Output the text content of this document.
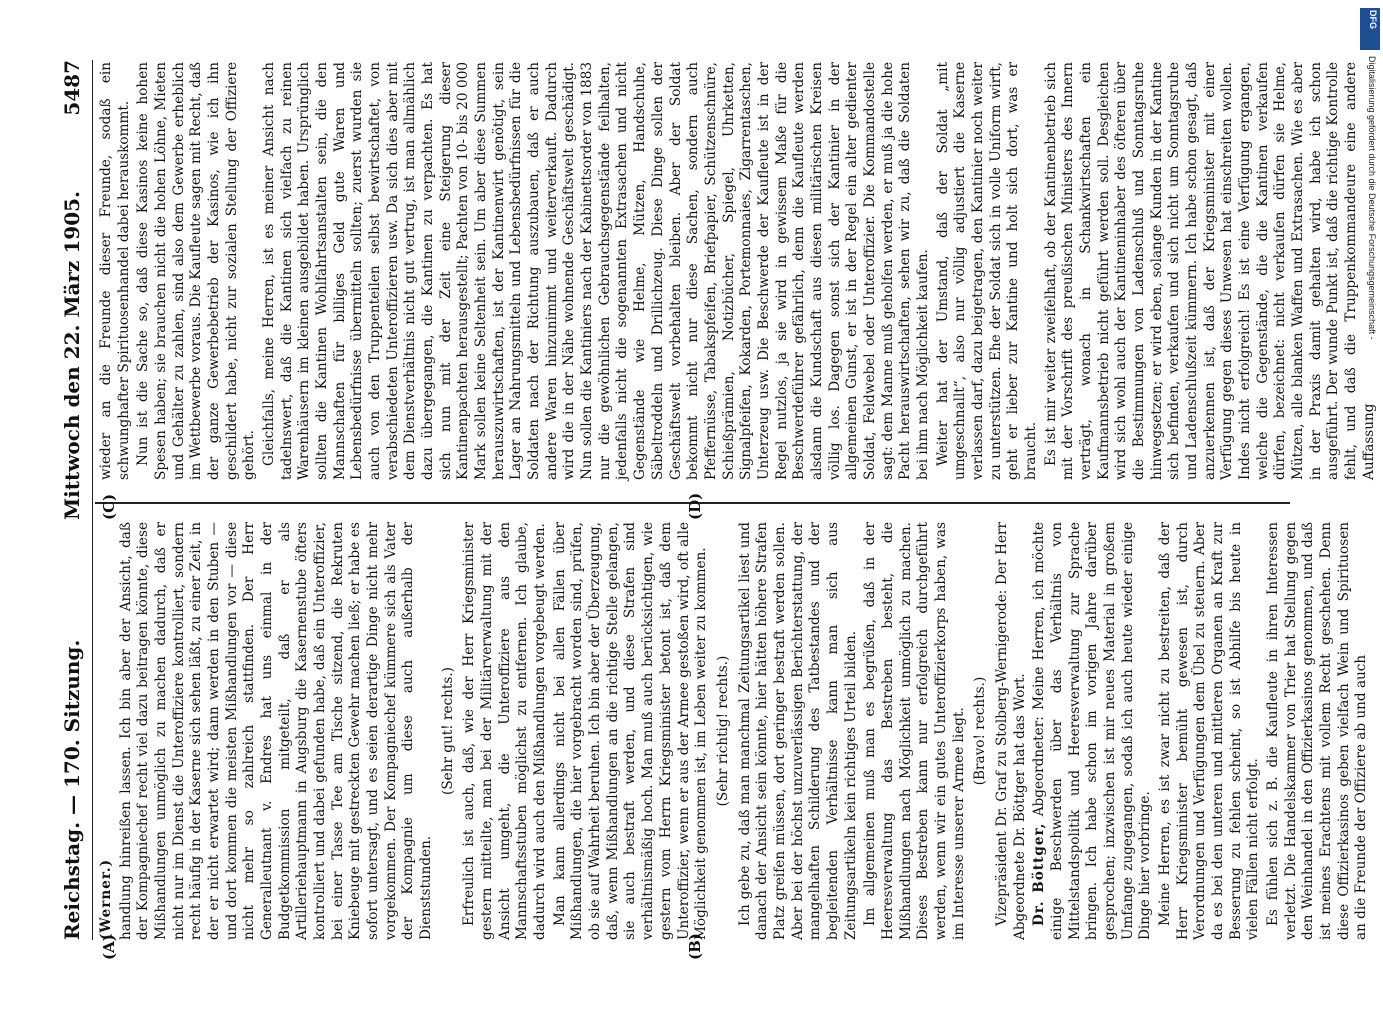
Reichstag. — 170. Sitzung.
Mittwoch den 22. März 1905.
5487
(A)	(B)
(C)	(D)

(Werner.) handlung hinreißen lassen. Ich bin aber der Ansicht, daß der Kompagniechef recht viel dazu beitragen könnte, diese Mißhandlungen unmöglich zu machen dadurch, daß er nicht nur im Dienst die Unteroffiziere kontrolliert, sondern recht häufig in der Kaserne sich sehen läßt, zu einer Zeit, in der er nicht erwartet wird; dann werden in den Stuben — und dort kommen die meisten Mißhandlungen vor — diese nicht mehr so zahlreich stattfinden. Der Herr Generalleutnant v. Endres hat uns einmal in der Budgetkommission mitgeteilt, daß er als Artilleriehauptmann in Augsburg die Kasernenstube öfters kontrolliert und dabei gefunden habe, daß ein Unteroffizier, bei einer Tasse Tee am Tische sitzend, die Rekruten Kniebeuge mit gestreckten Gewehr machen ließ; er habe es sofort untersagt, und es seien derartige Dinge nicht mehr vorgekommen. Der Kompagniechef kümmere sich als Vater der Kompagnie um diese auch außerhalb der Dienststunden.

(Sehr gut! rechts.) Erfreulich ist auch, daß, wie der Herr Kriegsminister gestern mitteilte, man bei der Militärverwaltung mit der Ansicht umgeht, die Unteroffiziere aus den Mannschaftsstuben möglichst zu entfernen. Ich glaube, dadurch wird auch den Mißhandlungen vorgebeugt werden. Man kann allerdings nicht bei allen Fällen über Mißhandlungen, die hier vorgebracht worden sind, prüfen, ob sie auf Wahrheit beruhen. Ich bin aber der Überzeugung, daß, wenn Mißhandlungen an die richtige Stelle gelangen, sie auch bestraft werden, und diese Strafen sind verhältnismäßig hoch. Man muß auch berücksichtigen, wie gestern vom Herrn Kriegsminister betont ist, daß dem Unteroffizier, wenn er aus der Armee gestoßen wird, oft alle Möglichkeit genommen ist, im Leben weiter zu kommen. (Sehr richtig! rechts.) Ich gebe zu, daß man manchmal Zeitungsartikel liest und danach der Ansicht sein könnte, hier hätten höhere Strafen Platz greifen müssen, dort geringer bestraft werden sollen. Aber bei der höchst unzuverlässigen Berichterstattung, der mangelhaften Schilderung des Tatbestandes und der begleitenden Verhältnisse kann man sich aus Zeitungsartikeln kein richtiges Urteil bilden. Im allgemeinen muß man es begrüßen, daß in der Heeresverwaltung das Bestreben besteht, die Mißhandlungen nach Möglichkeit unmöglich zu machen. Dieses Bestreben kann nur erfolgreich durchgeführt werden, wenn wir ein gutes Unteroffizierkorps haben, was im Interesse unserer Armee liegt. (Bravo! rechts.) Vizepräsident Dr. Graf zu Stolberg-Wernigerode: Der Herr Abgeordnete Dr. Böttger hat das Wort. Dr. Böttger, Abgeordneter: Meine Herren, ich möchte einige Beschwerden über das Verhältnis von Mittelstandspolitik und Heeresverwaltung zur Sprache bringen. Ich habe schon im vorigen Jahre darüber gesprochen; inzwischen ist mir neues Material in großem Umfange zugegangen, sodaß ich auch heute wieder einige Dinge hier vorbringe. Meine Herren, es ist zwar nicht zu bestreiten, daß der Herr Kriegsminister bemüht gewesen ist, durch Verordnungen und Verfügungen dem Übel zu steuern. Aber da es bei den unteren und mittleren Organen an Kraft zur Besserung zu fehlen scheint, so ist Abhilfe bis heute in vielen Fällen nicht erfolgt. Es fühlen sich z. B. die Kaufleute in ihren Interessen verletzt. Die Handelskammer von Trier hat Stellung gegen den Weinhandel in den Offizierkasinos genommen, und daß ist meines Erachtens mit vollem Recht geschehen. Denn diese Offizierkasinos geben vielfach Wein und Spirituosen an die Freunde der Offiziere ab und auch

wieder an die Freunde dieser Freunde, sodaß ein schwunghafter Spirituosenhandel dabei herauskommt. Nun ist die Sache so, daß diese Kasinos keine hohen Spesen haben; sie brauchen nicht die hohen Löhne, Mieten und Gehälter zu zahlen, sind also dem Gewerbe erheblich im Wettbewerbe voraus. Die Kaufleute sagen mit Recht, daß der ganze Gewerbebetrieb der Kasinos, wie ich ihn geschildert habe, nicht zur sozialen Stellung der Offiziere gehört. Gleichfalls, meine Herren, ist es meiner Ansicht nach tadelnswert, daß die Kantinen sich vielfach zu reinen Warenhäusern im kleinen ausgebildet haben. Ursprünglich sollten die Kantinen Wohlfahrtsanstalten sein, die den Mannschaften für billiges Geld gute Waren und Lebensbedürfnisse übermitteln sollten; zuerst wurden sie auch von den Truppenteilen selbst bewirtschaftet, von verabschiedeten Unteroffizieren usw. Da sich dies aber mit dem Dienstverhältnis nicht gut vertrug, ist man allmählich dazu übergegangen, die Kantinen zu verpachten. Es hat sich nun mit der Zeit eine Steigerung dieser Kantinenpachten herausgestellt; Pachten von 10- bis 20 000 Mark sollen keine Seltenheit sein. Um aber diese Summen herauszuwirtschaften, ist der Kantinenwirt genötigt, sein Lager an Nahrungsmitteln und Lebensbedürfnissen für die Soldaten nach der Richtung auszubauen, daß er auch andere Waren hinzunimmt und weiterverkauft. Dadurch wird die in der Nähe wohnende Geschäftswelt geschädigt. Nun sollen die Kantiniers nach der Kabinettsorder von 1883 nur die gewöhnlichen Gebrauchsgegenstände feilhalten, jedenfalls nicht die sogenannten Extrasachen und nicht Gegenstände wie Helme, Mützen, Handschuhe, Säbeltroddeln und Drillichzeug. Diese Dinge sollen der Geschäftswelt vorbehalten bleiben. Aber der Soldat bekommt nicht nur diese Sachen, sondern auch Pfeffernüsse, Tabakspfeifen, Briefpapier, Schützenschnüre, Schießprämien, Notizbücher, Spiegel, Uhrketten, Signalpfeifen, Kokarden, Portemonnaies, Zigarrentaschen, Unterzeug usw. Die Beschwerde der Kaufleute ist in der Regel nutzlos, ja sie wird in gewissem Maße für die Beschwerdeführer gefährlich, denn die Kaufleute werden alsdann die Kundschaft aus diesen militärischen Kreisen völlig los. Dagegen sonst sich der Kantinier in der allgemeinen Gunst, er ist in der Regel ein alter gedienter Soldat, Feldwebel oder Unteroffizier. Die Kommandostelle sagt: dem Manne muß geholfen werden, er muß ja die hohe Pacht herauswirtschaften, sehen wir zu, daß die Soldaten bei ihm nach Möglichkeit kaufen. Weiter hat der Umstand, daß der Soldat „mit umgeschnallt“, also nur völlig adjustiert die Kaserne verlassen darf, dazu beigetragen, den Kantinier noch weiter zu unterstützen. Ehe der Soldat sich in volle Uniform wirft, geht er lieber zur Kantine und holt sich dort, was er braucht. Es ist mir weiter zweifelhaft, ob der Kantinenbetrieb sich mit der Vorschrift des preußischen Ministers des Innern verträgt, wonach in Schankwirtschaften ein Kaufmannsbetrieb nicht geführt werden soll. Desgleichen wird sich wohl auch der Kantineninhaber des öfteren über die Bestimmungen von Ladenschluß und Sonntagsruhe hinwegsetzen; er wird eben, solange Kunden in der Kantine sich befinden, verkaufen und sich nicht um Sonntagsruhe und Ladenschlußzeit kümmern. Ich habe schon gesagt, daß anzuerkennen ist, daß der Kriegsminister mit einer Verfügung gegen dieses Unwesen hat einschreiten wollen. Indes nicht erfolgreich! Es ist eine Verfügung ergangen, welche die Gegenstände, die die Kantinen verkaufen dürfen, bezeichnet: nicht verkaufen dürfen sie Helme, Mützen, alle blanken Waffen und Extrasachen. Wie es aber in der Praxis damit gehalten wird, habe ich schon ausgeführt. Der wunde Punkt ist, daß die richtige Kontrolle fehlt, und daß die Truppenkommandeure eine andere Auffassung

DFG
Digitalisierung gefördert durch die Deutsche Forschungsgemeinschaft -
